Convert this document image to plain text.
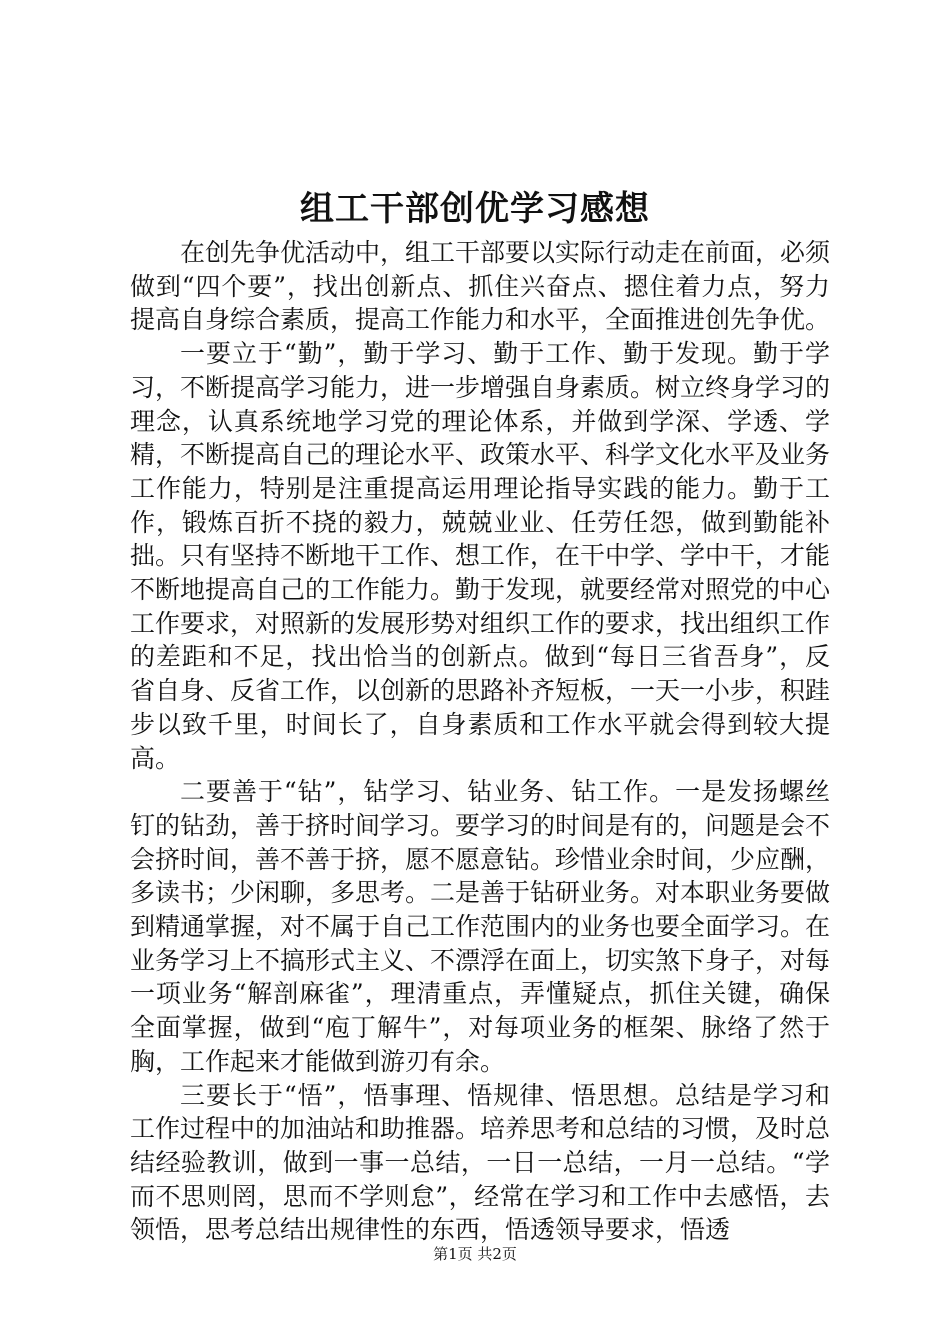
组工干部创优学习感想

在创先争优活动中，组工干部要以实际行动走在前面，必须做到“四个要”，找出创新点、抓住兴奋点、摁住着力点，努力提高自身综合素质，提高工作能力和水平，全面推进创先争优。

一要立于“勤”，勤于学习、勤于工作、勤于发现。勤于学习，不断提高学习能力，进一步增强自身素质。树立终身学习的理念，认真系统地学习党的理论体系，并做到学深、学透、学精，不断提高自己的理论水平、政策水平、科学文化水平及业务工作能力，特别是注重提高运用理论指导实践的能力。勤于工作，锻炼百折不挠的毅力，兢兢业业、任劳任怨，做到勤能补拙。只有坚持不断地干工作、想工作，在干中学、学中干，才能不断地提高自己的工作能力。勤于发现，就要经常对照党的中心工作要求，对照新的发展形势对组织工作的要求，找出组织工作的差距和不足，找出恰当的创新点。做到“每日三省吾身”，反省自身、反省工作，以创新的思路补齐短板，一天一小步，积跬步以致千里，时间长了，自身素质和工作水平就会得到较大提高。

二要善于“钻”，钻学习、钻业务、钻工作。一是发扬螺丝钉的钻劲，善于挤时间学习。要学习的时间是有的，问题是会不会挤时间，善不善于挤，愿不愿意钻。珍惜业余时间，少应酬，多读书；少闲聊，多思考。二是善于钻研业务。对本职业务要做到精通掌握，对不属于自己工作范围内的业务也要全面学习。在业务学习上不搞形式主义、不漂浮在面上，切实煞下身子，对每一项业务“解剖麻雀”，理清重点，弄懂疑点，抓住关键，确保全面掌握，做到“庖丁解牛”，对每项业务的框架、脉络了然于胸，工作起来才能做到游刃有余。

三要长于“悟”，悟事理、悟规律、悟思想。总结是学习和工作过程中的加油站和助推器。培养思考和总结的习惯，及时总结经验教训，做到一事一总结，一日一总结，一月一总结。“学而不思则罔，思而不学则怠”，经常在学习和工作中去感悟，去领悟，思考总结出规律性的东西，悟透领导要求，悟透

第1页 共2页
